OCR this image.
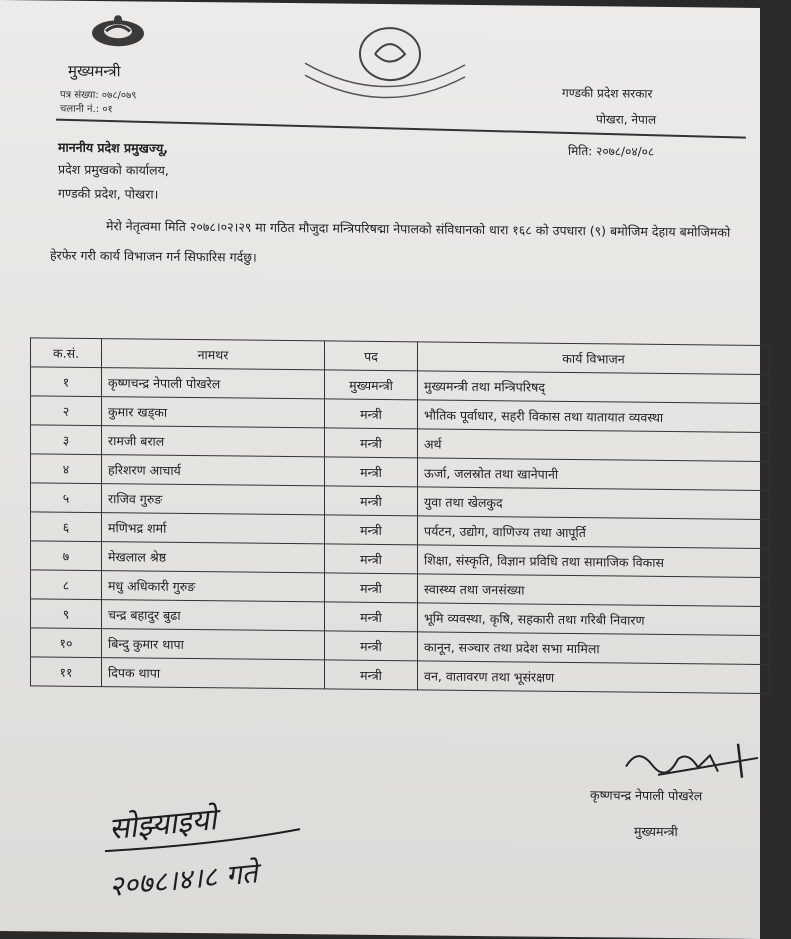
मुख्यमन्त्री
पत्र संख्या: ०७८/०७९
चलानी नं.: ०१
गण्डकी प्रदेश सरकार
पोखरा, नेपाल
मिति: २०७८/०४/०८
माननीय प्रदेश प्रमुखज्यू,
प्रदेश प्रमुखको कार्यालय,
गण्डकी प्रदेश, पोखरा।
मेरो नेतृत्वमा मिति २०७८।०२।२९ मा गठित मौजुदा मन्त्रिपरिषद्मा नेपालको संविधानको धारा १६८ को उपधारा (९) बमोजिम देहाय बमोजिमको हेरफेर गरी कार्य विभाजन गर्न सिफारिस गर्दछु।
क.सं.	नामथर	पद	कार्य विभाजन
१	कृष्णचन्द्र नेपाली पोखरेल	मुख्यमन्त्री	मुख्यमन्त्री तथा मन्त्रिपरिषद्
२	कुमार खड्का	मन्त्री	भौतिक पूर्वाधार, सहरी विकास तथा यातायात व्यवस्था
३	रामजी बराल	मन्त्री	अर्थ
४	हरिशरण आचार्य	मन्त्री	ऊर्जा, जलस्रोत तथा खानेपानी
५	राजिव गुरुङ	मन्त्री	युवा तथा खेलकुद
६	मणिभद्र शर्मा	मन्त्री	पर्यटन, उद्योग, वाणिज्य तथा आपूर्ति
७	मेखलाल श्रेष्ठ	मन्त्री	शिक्षा, संस्कृति, विज्ञान प्रविधि तथा सामाजिक विकास
८	मधु अधिकारी गुरुङ	मन्त्री	स्वास्थ्य तथा जनसंख्या
९	चन्द्र बहादुर बुढा	मन्त्री	भूमि व्यवस्था, कृषि, सहकारी तथा गरिबी निवारण
१०	बिन्दु कुमार थापा	मन्त्री	कानून, सञ्चार तथा प्रदेश सभा मामिला
११	दिपक थापा	मन्त्री	वन, वातावरण तथा भूसंरक्षण
कृष्णचन्द्र नेपाली पोखरेल
मुख्यमन्त्री
सोझ्याइयो
२०७८।४।८ गते
